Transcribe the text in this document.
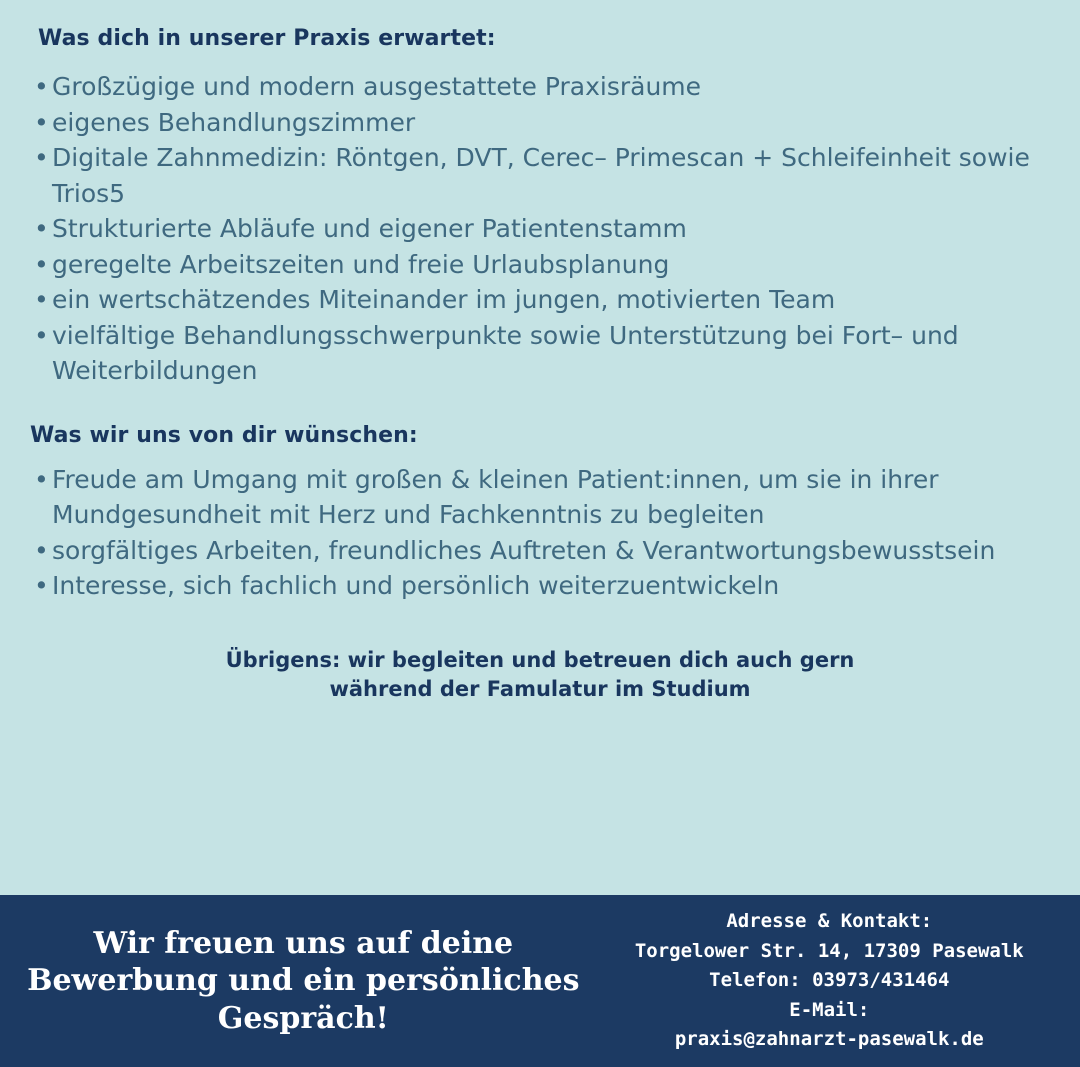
Was dich in unserer Praxis erwartet:
• Großzügige und modern ausgestattete Praxisräume
• eigenes Behandlungszimmer
• Digitale Zahnmedizin: Röntgen, DVT, Cerec– Primescan + Schleifeinheit sowie Trios5
• Strukturierte Abläufe und eigener Patientenstamm
• geregelte Arbeitszeiten und freie Urlaubsplanung
• ein wertschätzendes Miteinander im jungen, motivierten Team
• vielfältige Behandlungsschwerpunkte sowie Unterstützung bei Fort– und Weiterbildungen
Was wir uns von dir wünschen:
• Freude am Umgang mit großen & kleinen Patient:innen, um sie in ihrer Mundgesundheit mit Herz und Fachkenntnis zu begleiten
• sorgfältiges Arbeiten, freundliches Auftreten & Verantwortungsbewusstsein
• Interesse, sich fachlich und persönlich weiterzuentwickeln

Übrigens: wir begleiten und betreuen dich auch gern
während der Famulatur im Studium

Wir freuen uns auf deine
Bewerbung und ein persönliches
Gespräch!
Adresse & Kontakt:
Torgelower Str. 14, 17309 Pasewalk
Telefon: 03973/431464
E-Mail:
praxis@zahnarzt-pasewalk.de
